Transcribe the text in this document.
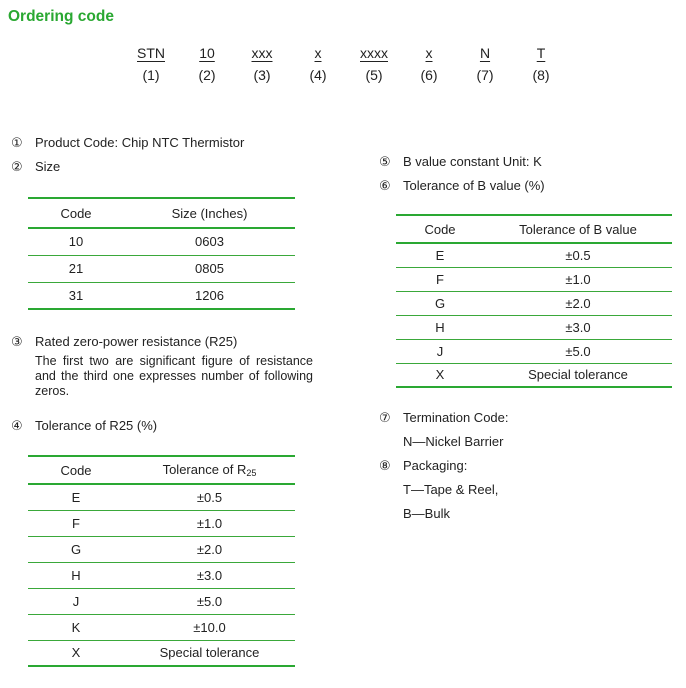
Ordering code
STN
(1)
10
(2)
xxx
(3)
x
(4)
xxxx
(5)
x
(6)
N
(7)
T
(8)
① Product Code: Chip NTC Thermistor
② Size
Code	Size (Inches)
10	0603
21	0805
31	1206
③ Rated zero-power resistance (R25)
The first two are significant figure of resistance and the third one expresses number of following zeros.
④ Tolerance of R25 (%)
Code	Tolerance of $R_{25}$
E	±0.5
F	±1.0
G	±2.0
H	±3.0
J	±5.0
K	±10.0
X	Special tolerance
⑤ B value constant Unit: K
⑥ Tolerance of B value (%)
Code	Tolerance of B value
E	±0.5
F	±1.0
G	±2.0
H	±3.0
J	±5.0
X	Special tolerance
⑦ Termination Code:
N—Nickel Barrier
⑧ Packaging:
T—Tape & Reel,
B—Bulk
